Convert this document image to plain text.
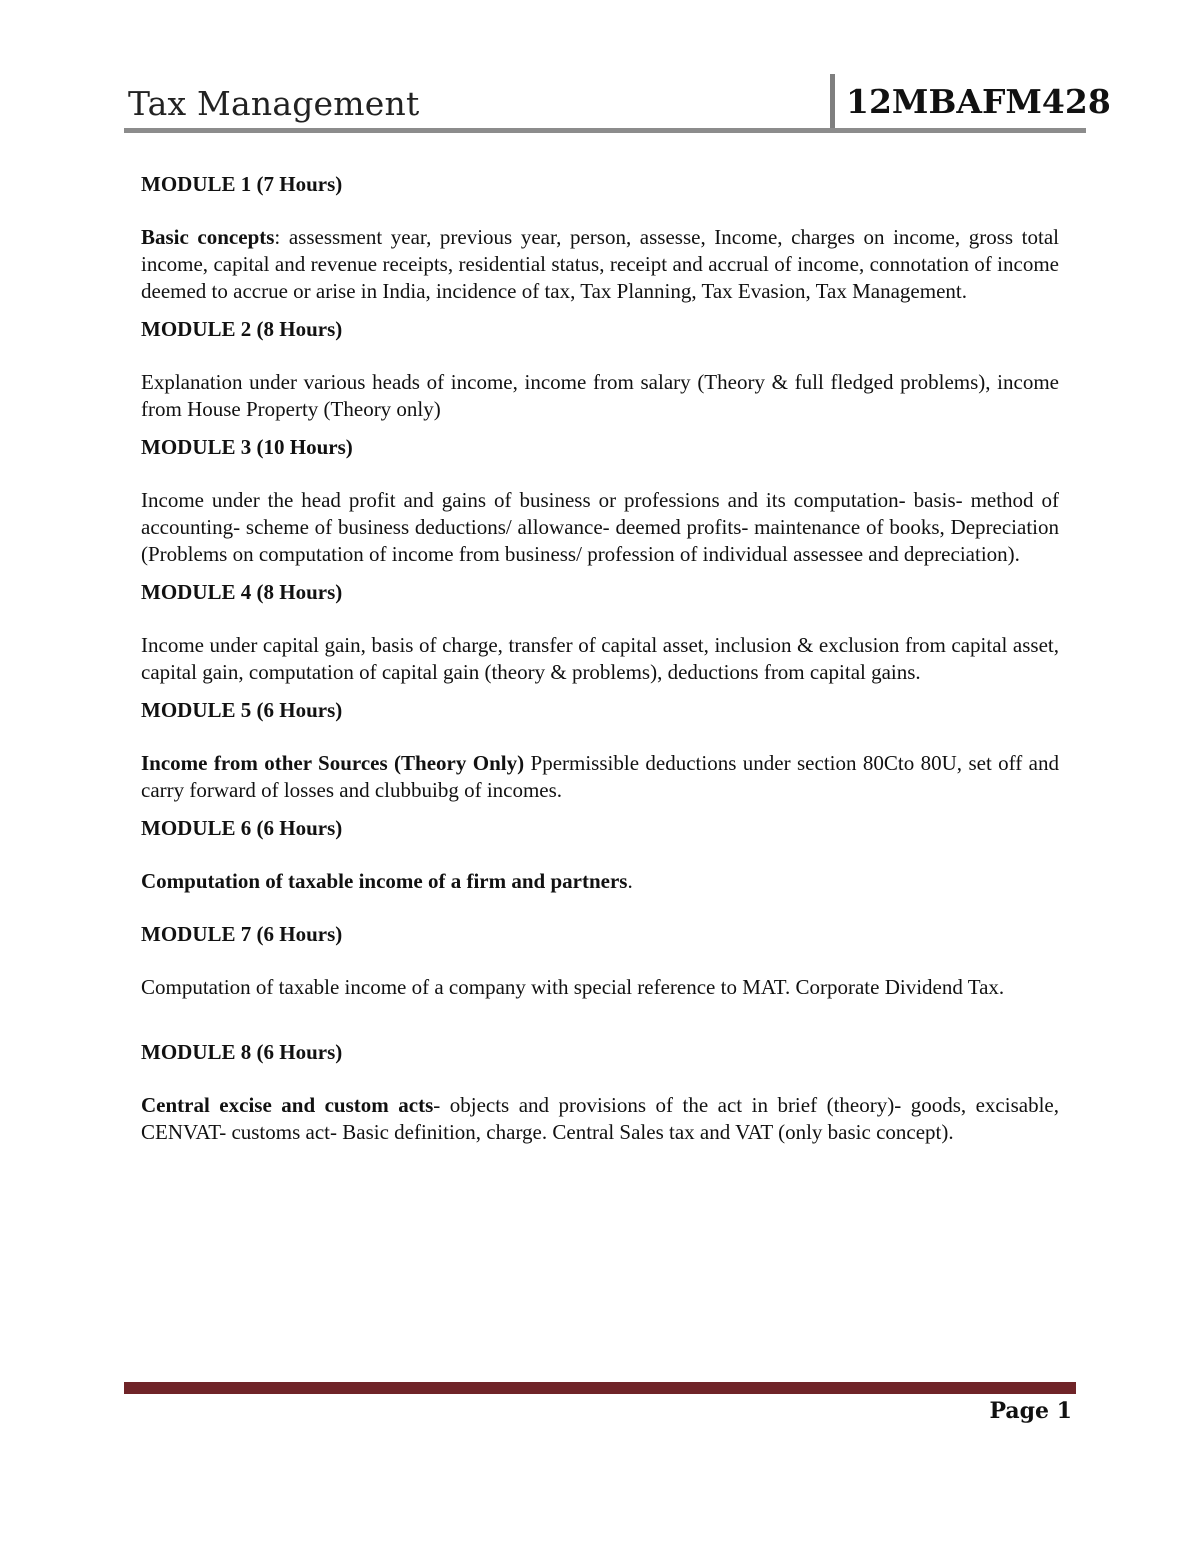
Tax Management	12MBAFM428

MODULE 1 (7 Hours)

Basic concepts: assessment year, previous year, person, assesse, Income, charges on income, gross total income, capital and revenue receipts, residential status, receipt and accrual of income, connotation of income deemed to accrue or arise in India, incidence of tax, Tax Planning, Tax Evasion, Tax Management.

MODULE 2 (8 Hours)

Explanation under various heads of income, income from salary (Theory & full fledged problems), income from House Property (Theory only)

MODULE 3 (10 Hours)

Income under the head profit and gains of business or professions and its computation- basis- method of accounting- scheme of business deductions/ allowance- deemed profits- maintenance of books, Depreciation (Problems on computation of income from business/ profession of individual assessee and depreciation).

MODULE 4 (8 Hours)

Income under capital gain, basis of charge, transfer of capital asset, inclusion & exclusion from capital asset, capital gain, computation of capital gain (theory & problems), deductions from capital gains.

MODULE 5 (6 Hours)

Income from other Sources (Theory Only) Ppermissible deductions under section 80Cto 80U, set off and carry forward of losses and clubbuibg of incomes.

MODULE 6 (6 Hours)

Computation of taxable income of a firm and partners.

MODULE 7 (6 Hours)

Computation of taxable income of a company with special reference to MAT. Corporate Dividend Tax.

MODULE 8 (6 Hours)

Central excise and custom acts- objects and provisions of the act in brief (theory)- goods, excisable, CENVAT- customs act- Basic definition, charge. Central Sales tax and VAT (only basic concept).

Page 1
